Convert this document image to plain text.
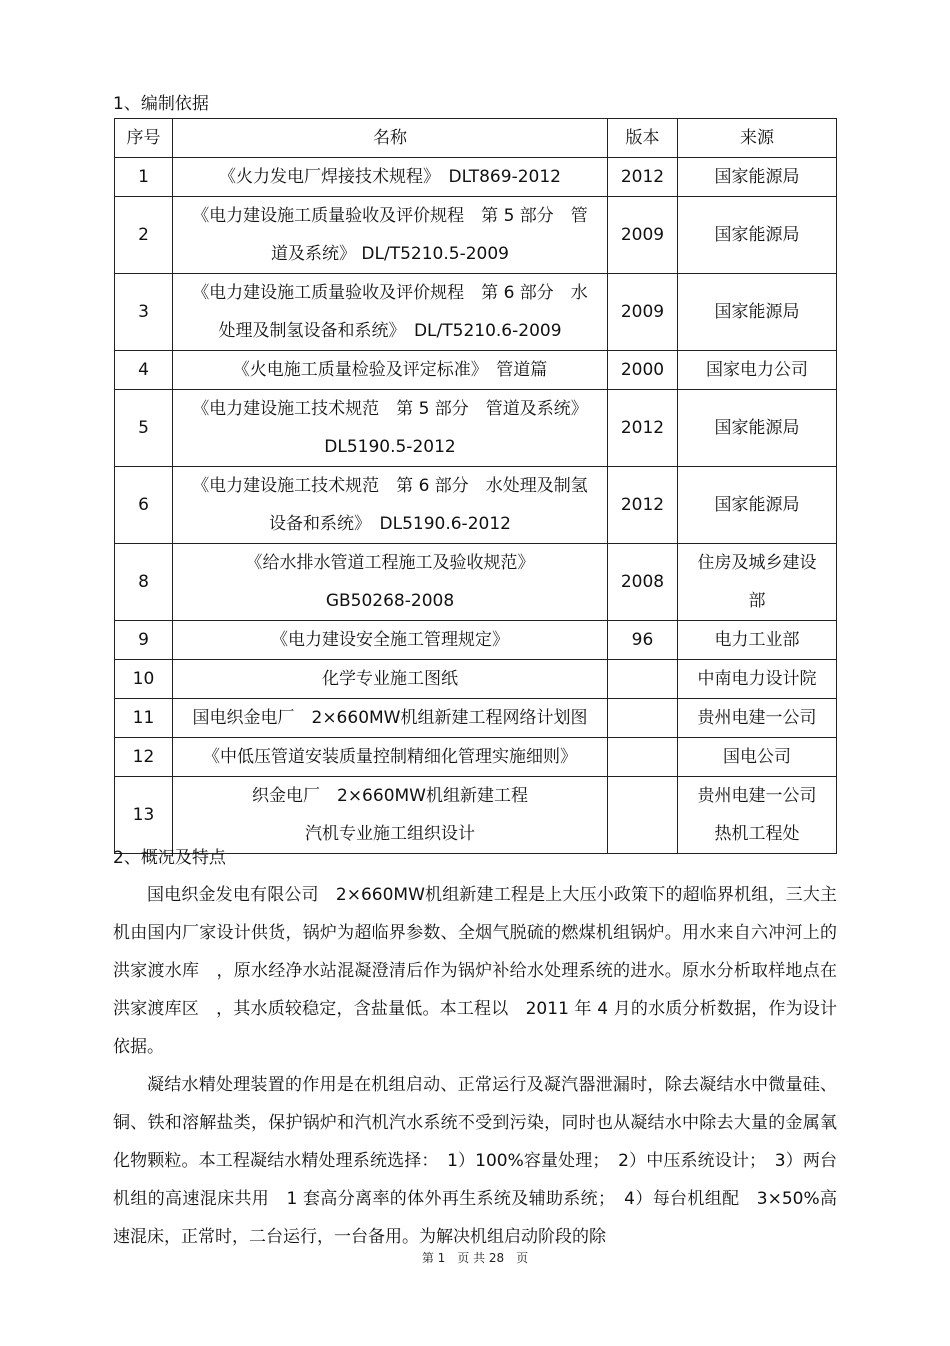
1、编制依据
序号	名称	版本	来源
1	《火力发电厂焊接技术规程》　DLT869-2012	2012	国家能源局
2	《电力建设施工质量验收及评价规程　第 5 部分　管
道及系统》 DL/T5210.5-2009	2009	国家能源局
3	《电力建设施工质量验收及评价规程　第 6 部分　水
处理及制氢设备和系统》　DL/T5210.6-2009	2009	国家能源局
4	《火电施工质量检验及评定标准》　管道篇	2000	国家电力公司
5	《电力建设施工技术规范　第 5 部分　管道及系统》
DL5190.5-2012	2012	国家能源局
6	《电力建设施工技术规范　第 6 部分　水处理及制氢
设备和系统》　DL5190.6-2012	2012	国家能源局
8	《给水排水管道工程施工及验收规范》
GB50268-2008	2008	住房及城乡建设
部
9	《电力建设安全施工管理规定》	96	电力工业部
10	化学专业施工图纸		中南电力设计院
11	国电织金电厂　2×660MW机组新建工程网络计划图		贵州电建一公司
12	《中低压管道安装质量控制精细化管理实施细则》		国电公司
13	织金电厂　2×660MW机组新建工程
汽机专业施工组织设计		贵州电建一公司
热机工程处
2、概况及特点

国电织金发电有限公司　2×660MW机组新建工程是上大压小政策下的超临界机组，三大主机由国内厂家设计供货，锅炉为超临界参数、全烟气脱硫的燃煤机组锅炉。用水来自六冲河上的洪家渡水库　，原水经净水站混凝澄清后作为锅炉补给水处理系统的进水。原水分析取样地点在洪家渡库区　，其水质较稳定，含盐量低。本工程以　2011 年 4 月的水质分析数据，作为设计依据。

凝结水精处理装置的作用是在机组启动、正常运行及凝汽器泄漏时，除去凝结水中微量硅、铜、铁和溶解盐类，保护锅炉和汽机汽水系统不受到污染，同时也从凝结水中除去大量的金属氧化物颗粒。本工程凝结水精处理系统选择：　1）100%容量处理；　2）中压系统设计；　3）两台机组的高速混床共用　1 套高分离率的体外再生系统及辅助系统；　4）每台机组配　3×50%高速混床，正常时，二台运行，一台备用。为解决机组启动阶段的除

第 1　页 共 28　页
